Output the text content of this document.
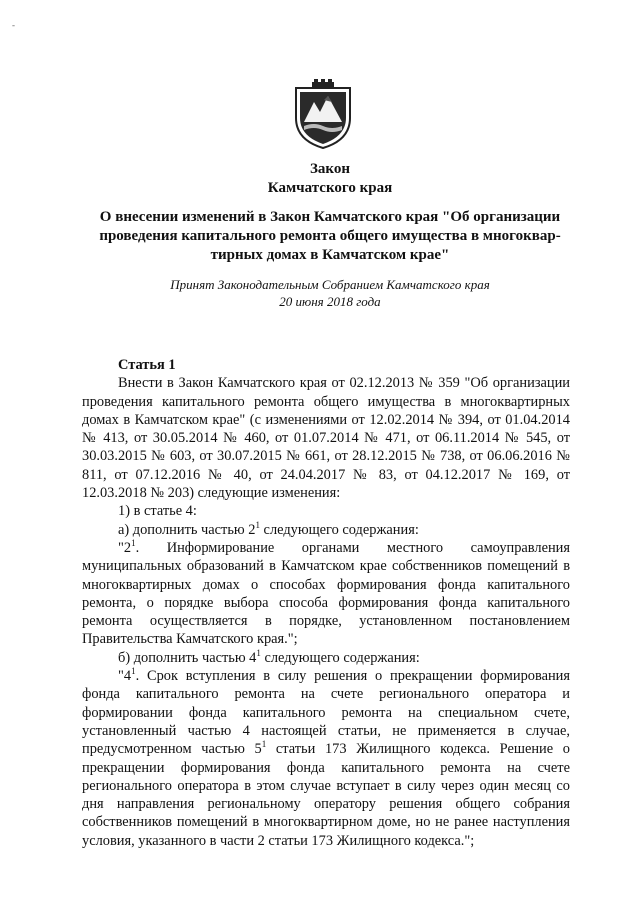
-
Закон
Камчатского края
О внесении изменений в Закон Камчатского края "Об организации
проведения капитального ремонта общего имущества в многоквар-
тирных домах в Камчатском крае"
Принят Законодательным Собранием Камчатского края
20 июня 2018 года

Статья 1

Внести в Закон Камчатского края от 02.12.2013 № 359 "Об организации проведения капитального ремонта общего имущества в многоквартирных домах в Камчатском крае" (с изменениями от 12.02.2014 № 394, от 01.04.2014 № 413, от 30.05.2014 № 460, от 01.07.2014 № 471, от 06.11.2014 № 545, от 30.03.2015 № 603, от 30.07.2015 № 661, от 28.12.2015 № 738, от 06.06.2016 № 811, от 07.12.2016 № 40, от 24.04.2017 № 83, от 04.12.2017 № 169, от 12.03.2018 № 203) следующие изменения:

1) в статье 4:

а) дополнить частью $2^1$ следующего содержания:

"$2^1$. Информирование органами местного самоуправления муниципальных образований в Камчатском крае собственников помещений в многоквартирных домах о способах формирования фонда капитального ремонта, о порядке выбора способа формирования фонда капитального ремонта осуществляется в порядке, установленном постановлением Правительства Камчатского края.";

б) дополнить частью $4^1$ следующего содержания:

"$4^1$. Срок вступления в силу решения о прекращении формирования фонда капитального ремонта на счете регионального оператора и формировании фонда капитального ремонта на специальном счете, установленный частью 4 настоящей статьи, не применяется в случае, предусмотренном частью $5^1$ статьи 173 Жилищного кодекса. Решение о прекращении формирования фонда капитального ремонта на счете регионального оператора в этом случае вступает в силу через один месяц со дня направления региональному оператору решения общего собрания собственников помещений в многоквартирном доме, но не ранее наступления условия, указанного в части 2 статьи 173 Жилищного кодекса.";
